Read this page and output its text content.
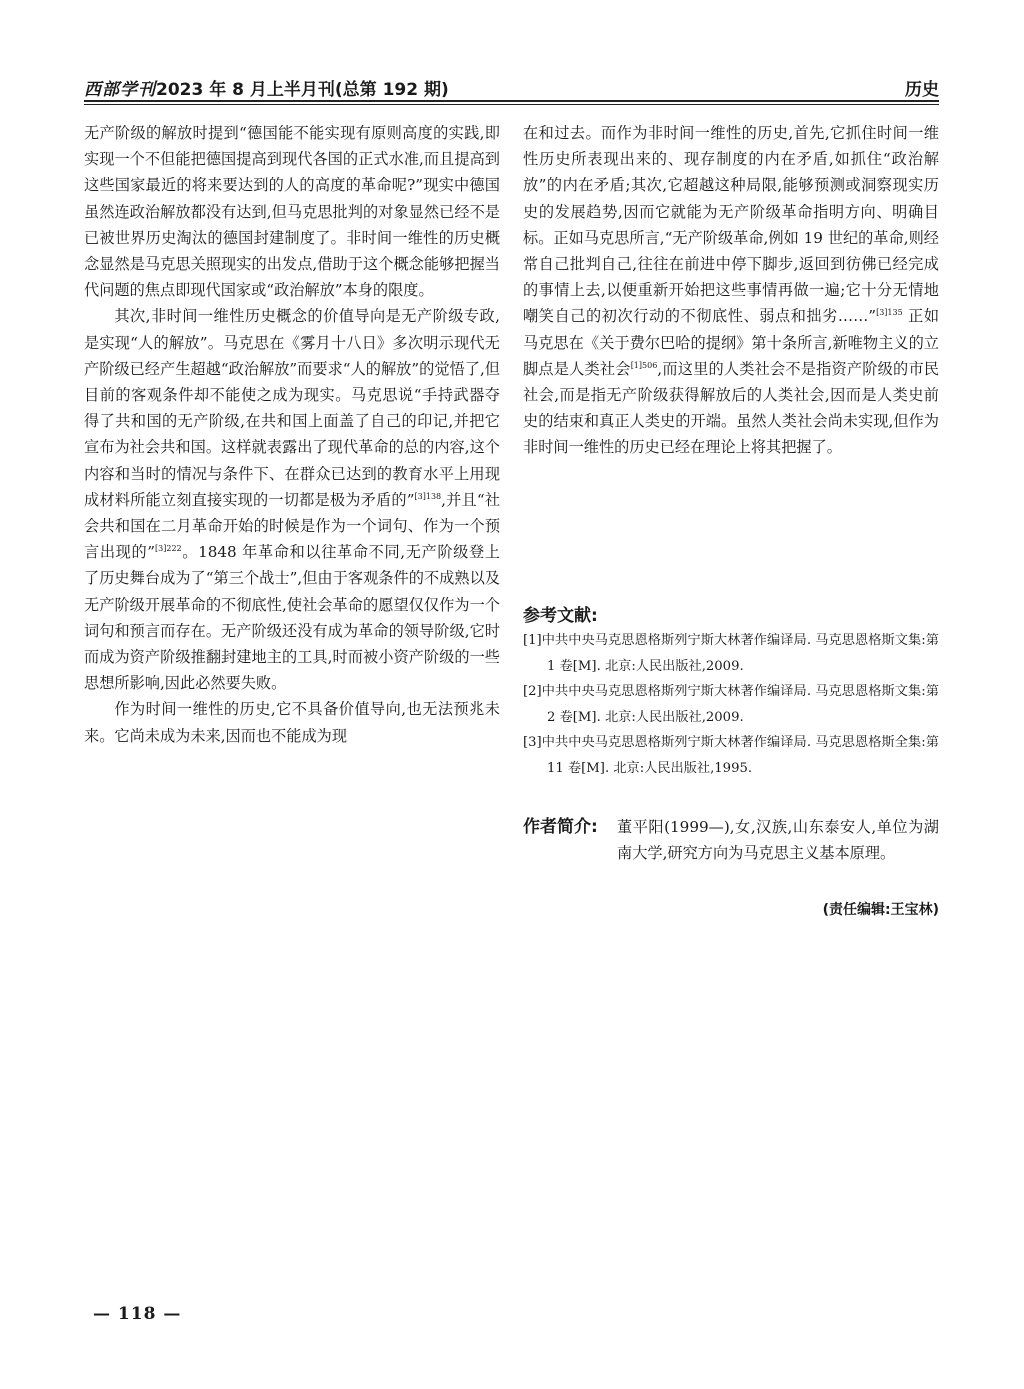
西部学刊2023 年 8 月上半月刊(总第 192 期)	历史

无产阶级的解放时提到“德国能不能实现有原则高度的实践,即实现一个不但能把德国提高到现代各国的正式水准,而且提高到这些国家最近的将来要达到的人的高度的革命呢?”现实中德国虽然连政治解放都没有达到,但马克思批判的对象显然已经不是已被世界历史淘汰的德国封建制度了。非时间一维性的历史概念显然是马克思关照现实的出发点,借助于这个概念能够把握当代问题的焦点即现代国家或“政治解放”本身的限度。

其次,非时间一维性历史概念的价值导向是无产阶级专政,是实现“人的解放”。马克思在《雾月十八日》多次明示现代无产阶级已经产生超越“政治解放”而要求“人的解放”的觉悟了,但目前的客观条件却不能使之成为现实。马克思说“手持武器夺得了共和国的无产阶级,在共和国上面盖了自己的印记,并把它宣布为社会共和国。这样就表露出了现代革命的总的内容,这个内容和当时的情况与条件下、在群众已达到的教育水平上用现成材料所能立刻直接实现的一切都是极为矛盾的”$^{[3]138}$,并且“社会共和国在二月革命开始的时候是作为一个词句、作为一个预言出现的”$^{[3]222}$。1848 年革命和以往革命不同,无产阶级登上了历史舞台成为了“第三个战士”,但由于客观条件的不成熟以及无产阶级开展革命的不彻底性,使社会革命的愿望仅仅作为一个词句和预言而存在。无产阶级还没有成为革命的领导阶级,它时而成为资产阶级推翻封建地主的工具,时而被小资产阶级的一些思想所影响,因此必然要失败。

作为时间一维性的历史,它不具备价值导向,也无法预兆未来。它尚未成为未来,因而也不能成为现

在和过去。而作为非时间一维性的历史,首先,它抓住时间一维性历史所表现出来的、现存制度的内在矛盾,如抓住“政治解放”的内在矛盾;其次,它超越这种局限,能够预测或洞察现实历史的发展趋势,因而它就能为无产阶级革命指明方向、明确目标。正如马克思所言,“无产阶级革命,例如 19 世纪的革命,则经常自己批判自己,往往在前进中停下脚步,返回到彷佛已经完成的事情上去,以便重新开始把这些事情再做一遍;它十分无情地嘲笑自己的初次行动的不彻底性、弱点和拙劣……”$^{[3]135}$ 正如马克思在《关于费尔巴哈的提纲》第十条所言,新唯物主义的立脚点是人类社会$^{[1]506}$,而这里的人类社会不是指资产阶级的市民社会,而是指无产阶级获得解放后的人类社会,因而是人类史前史的结束和真正人类史的开端。虽然人类社会尚未实现,但作为非时间一维性的历史已经在理论上将其把握了。

参考文献:

[1]中共中央马克思恩格斯列宁斯大林著作编译局. 马克思恩格斯文集:第 1 卷[M]. 北京:人民出版社,2009.

[2]中共中央马克思恩格斯列宁斯大林著作编译局. 马克思恩格斯文集:第 2 卷[M]. 北京:人民出版社,2009.

[3]中共中央马克思恩格斯列宁斯大林著作编译局. 马克思恩格斯全集:第 11 卷[M]. 北京:人民出版社,1995.

作者简介: 董平阳(1999—),女,汉族,山东泰安人,单位为湖南大学,研究方向为马克思主义基本原理。
(责任编辑:王宝林)
— 118 —
